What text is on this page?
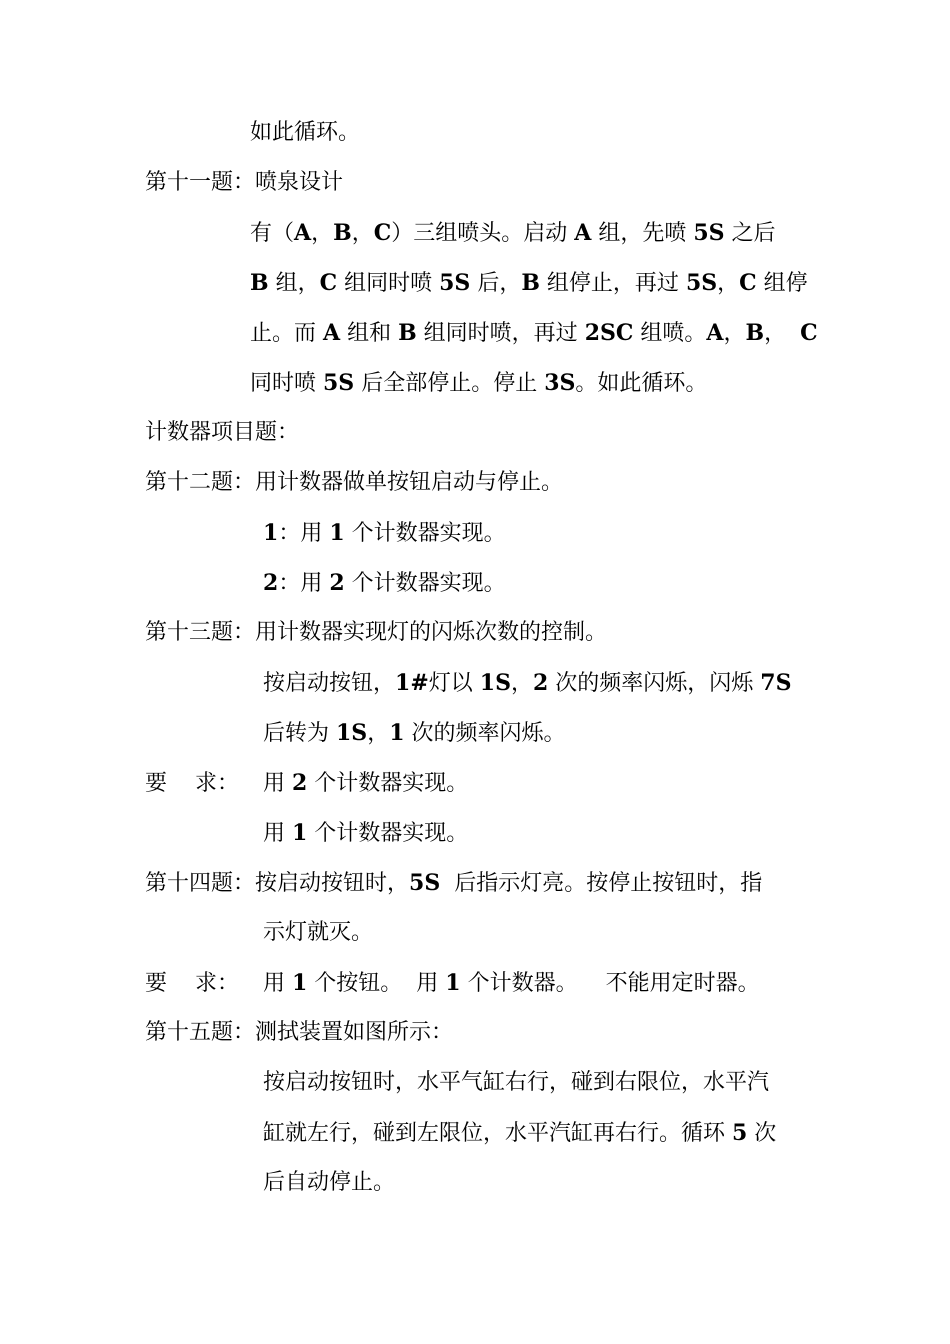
如此循环。
第十一题：喷泉设计
有（A，B，C）三组喷头。启动 A 组，先喷 5S 之后
B 组，C 组同时喷 5S 后，B 组停止，再过 5S，C 组停
止。而 A 组和 B 组同时喷，再过 2SC 组喷。A，B，  C
同时喷 5S 后全部停止。停止 3S。如此循环。
计数器项目题：
第十二题：用计数器做单按钮启动与停止。
1：用 1 个计数器实现。
2：用 2 个计数器实现。
第十三题：用计数器实现灯的闪烁次数的控制。
按启动按钮，1#灯以 1S，2 次的频率闪烁，闪烁 7S
后转为 1S，1 次的频率闪烁。
要    求： 用 2 个计数器实现。
用 1 个计数器实现。
第十四题：按启动按钮时，5S  后指示灯亮。按停止按钮时，指
示灯就灭。
要    求： 用 1 个按钮。  用 1 个计数器。    不能用定时器。
第十五题：测拭装置如图所示：
按启动按钮时，水平气缸右行，碰到右限位，水平汽
缸就左行，碰到左限位，水平汽缸再右行。循环 5 次
后自动停止。
